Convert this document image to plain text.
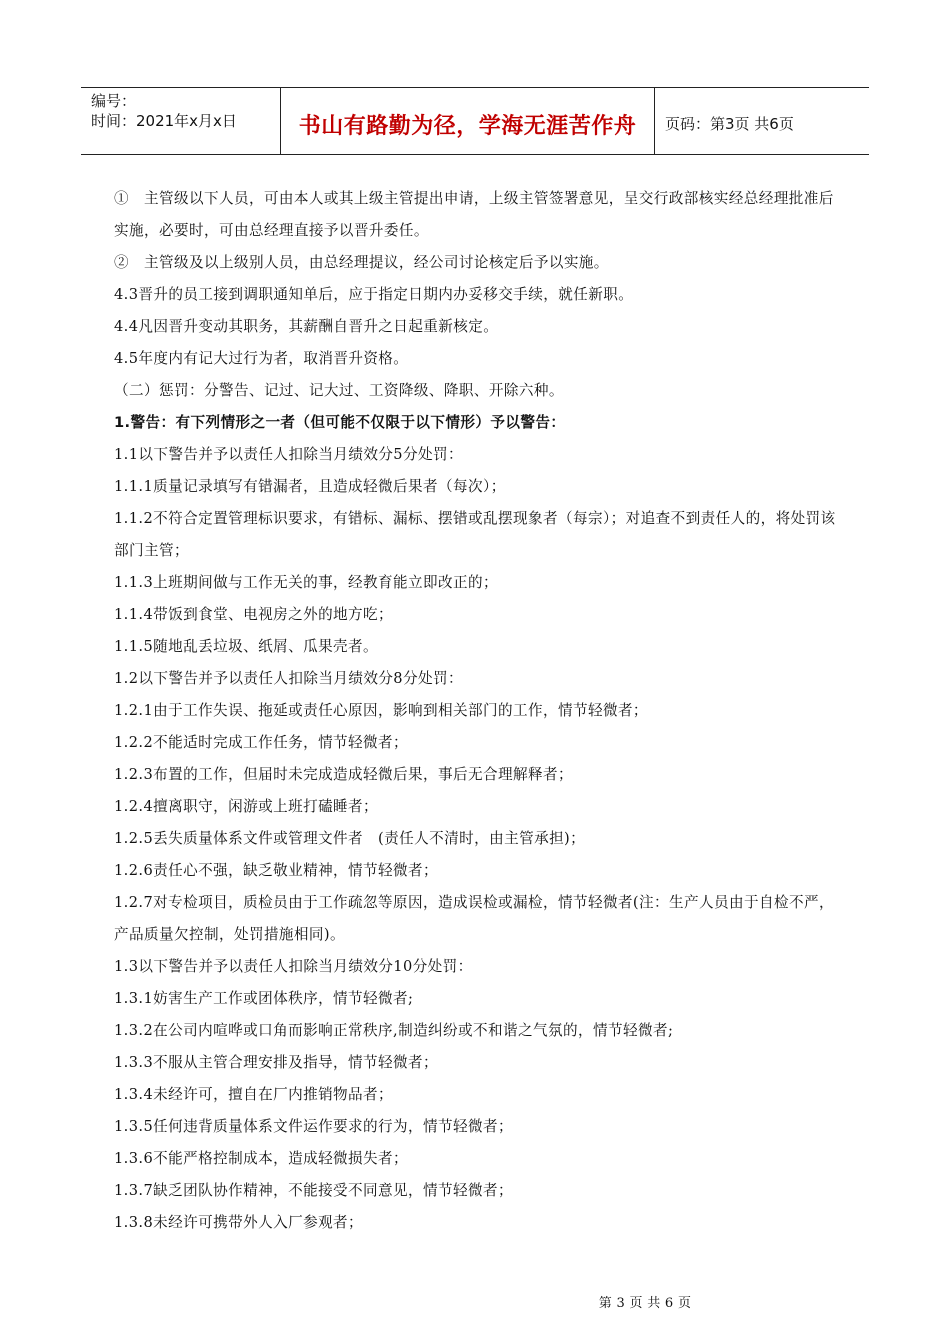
编号：
时间：2021年x月x日	书山有路勤为径，学海无涯苦作舟 页码：第3页 共6页

①　主管级以下人员，可由本人或其上级主管提出申请，上级主管签署意见，呈交行政部核实经总经理批准后实施，必要时，可由总经理直接予以晋升委任。

②　主管级及以上级别人员，由总经理提议，经公司讨论核定后予以实施。

4.3晋升的员工接到调职通知单后，应于指定日期内办妥移交手续，就任新职。

4.4凡因晋升变动其职务，其薪酬自晋升之日起重新核定。

4.5年度内有记大过行为者，取消晋升资格。

（二）惩罚：分警告、记过、记大过、工资降级、降职、开除六种。

1.警告：有下列情形之一者（但可能不仅限于以下情形）予以警告：

1.1以下警告并予以责任人扣除当月绩效分5分处罚：

1.1.1质量记录填写有错漏者，且造成轻微后果者（每次）；

1.1.2不符合定置管理标识要求，有错标、漏标、摆错或乱摆现象者（每宗）；对追查不到责任人的，将处罚该部门主管；

1.1.3上班期间做与工作无关的事，经教育能立即改正的；

1.1.4带饭到食堂、电视房之外的地方吃；

1.1.5随地乱丢垃圾、纸屑、瓜果壳者。

1.2以下警告并予以责任人扣除当月绩效分8分处罚：

1.2.1由于工作失误、拖延或责任心原因，影响到相关部门的工作，情节轻微者；

1.2.2不能适时完成工作任务，情节轻微者；

1.2.3布置的工作，但届时未完成造成轻微后果，事后无合理解释者；

1.2.4擅离职守，闲游或上班打磕睡者；

1.2.5丢失质量体系文件或管理文件者　(责任人不清时，由主管承担)；

1.2.6责任心不强，缺乏敬业精神，情节轻微者；

1.2.7对专检项目，质检员由于工作疏忽等原因，造成误检或漏检，情节轻微者(注：生产人员由于自检不严，产品质量欠控制，处罚措施相同)。

1.3以下警告并予以责任人扣除当月绩效分10分处罚：

1.3.1妨害生产工作或团体秩序，情节轻微者;

1.3.2在公司内喧哗或口角而影响正常秩序,制造纠纷或不和谐之气氛的，情节轻微者;

1.3.3不服从主管合理安排及指导，情节轻微者；

1.3.4未经许可，擅自在厂内推销物品者；

1.3.5任何违背质量体系文件运作要求的行为，情节轻微者；

1.3.6不能严格控制成本，造成轻微损失者；

1.3.7缺乏团队协作精神，不能接受不同意见，情节轻微者；

1.3.8未经许可携带外人入厂参观者；

第 3 页 共 6 页
